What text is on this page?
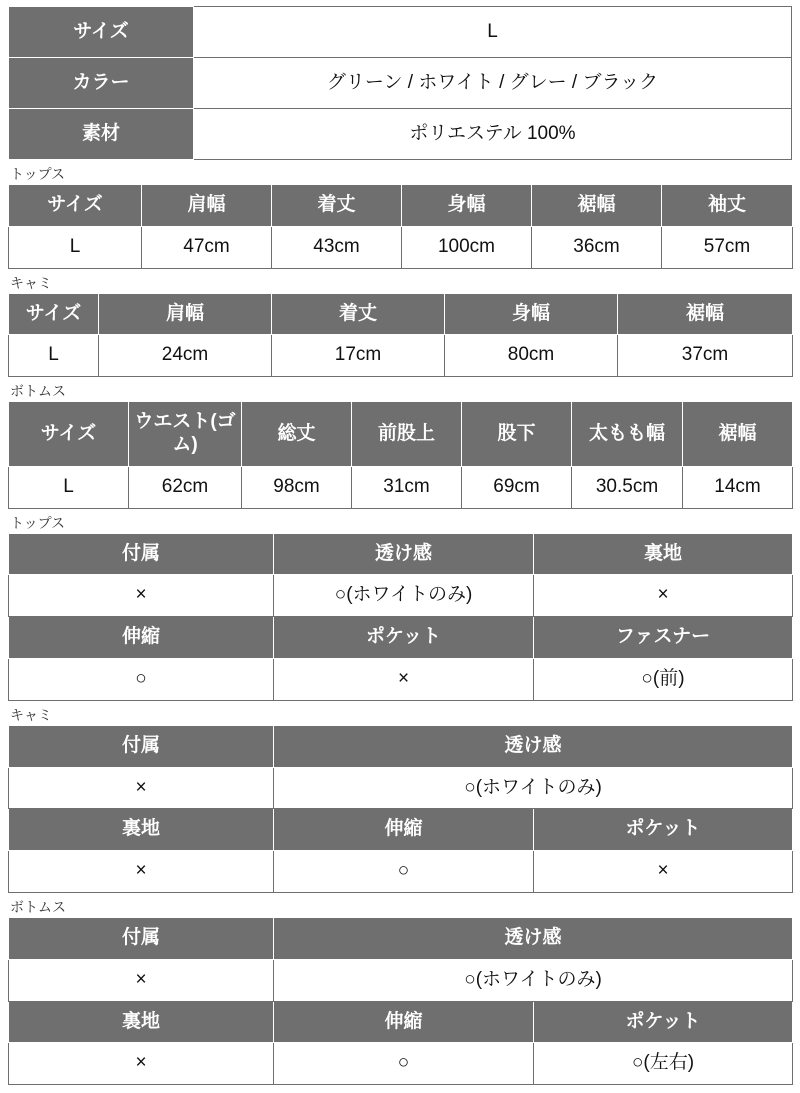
サイズ	L
カラー	グリーン / ホワイト / グレー / ブラック
素材	ポリエステル 100%
トップス
サイズ	肩幅	着丈	身幅	裾幅	袖丈
L	47cm	43cm	100cm	36cm	57cm
キャミ
サイズ	肩幅	着丈	身幅	裾幅
L	24cm	17cm	80cm	37cm
ボトムス
サイズ	ウエスト(ゴム)	総丈	前股上	股下	太もも幅	裾幅
L	62cm	98cm	31cm	69cm	30.5cm	14cm
トップス
付属	透け感	裏地
×	○(ホワイトのみ)	×
伸縮	ポケット	ファスナー
○	×	○(前)
キャミ
付属	透け感	
×	○(ホワイトのみ)	
裏地	伸縮	ポケット
×	○	×
ボトムス
付属	透け感	
×	○(ホワイトのみ)	
裏地	伸縮	ポケット
×	○	○(左右)
